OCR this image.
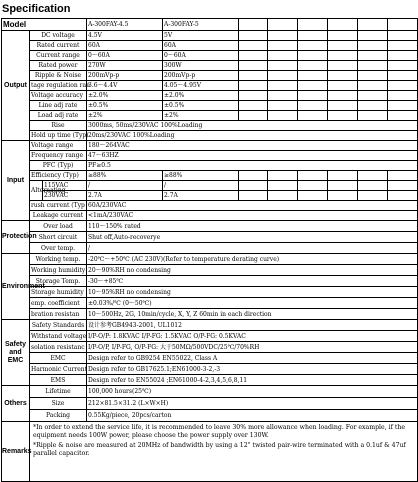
Specification
Model			A-300FAY-4.5	A-300FAY-5						
Output	DC voltage		4.5V	5V						
	Rated current		60A	60A						
	Current range		0～60A	0～60A						
	Rated power		270W	300W						
	Ripple & Noise		200mVp-p	200mVp-p						
	tage regulation ran		3.6～4.4V	4.05～4.95V						
	Voltage accuracy		±2.0%	±2.0%						
	Line adj rate		±0.5%	±0.5%						
	Load adj rate		±2%	±2%						
	Rise		3000ms, 50ms/230VAC 100%Loading							
	Hold up time (Typ)		20ms/230VAC 100%Loading							
Input	Voltage range		180～264VAC							
	Frequency range		47～63HZ							
	PFC (Typ)		PF≥0.5							
	Efficiency (Typ)		≥88%	≥88%						
	Alternating	115VAC	/	/						
		230VAC	2.7A	2.7A						
	rush current (Typ		60A/230VAC							
	Leakage current		<1mA/230VAC							
Protection	Over load		110～150% rated							
	Short circuit		Shut off,Auto-recoverye							
	Over temp.		/							
Environment	Working temp.		-20℃～+50℃ (AC 230V)(Refer to temperature derating curve)							
	Working humidity		20～90%RH no condensing							
	Storage Temp.		-30～+85℃							
	Storage humidity		10～95%RH no condensing							
	emp. coefficient		±0.03%/℃ (0～50℃)							
	bration resistan		10～500Hz, 2G, 10min/cycle, X, Y, Z 60min in each direction							
Safety and EMC	Safety Standards		设计参考GB4943-2001, UL1012							
	Withstand voltage		I/P-O/P: 1.8KVAC I/P-FG: 1.5KVAC O/P-FG: 0.5KVAC							
	solation resistanc		I/P-O/P, I/P-FG, O/P-FG: 大于50MΩ/500VDC/25℃/70%RH							
	EMC		Design refer to GB9254 EN55022, Class A							
	Harmonic Current		Design refer to GB17625.1;EN61000-3-2,-3							
	EMS		Design refer to EN55024 ;EN61000-4-2,3,4,5,6,8,11							
Others	Lifetime		100,000 hours(25℃)							
	Size		212×81.5×31.2 (L×W×H)							
	Packing		0.55Kg/piece, 20pcs/carton							
Remarks	*In order to extend the service life, it is recommended to leave 30% more allowance when loading. For example, if the equipment needs 100W power, please choose the power supply over 130W.
*Ripple & noise are measured at 20MHz of bandwidth by using a 12" twisted pair-wire terminated with a 0.1uf & 47uf parallel capacitor.									
